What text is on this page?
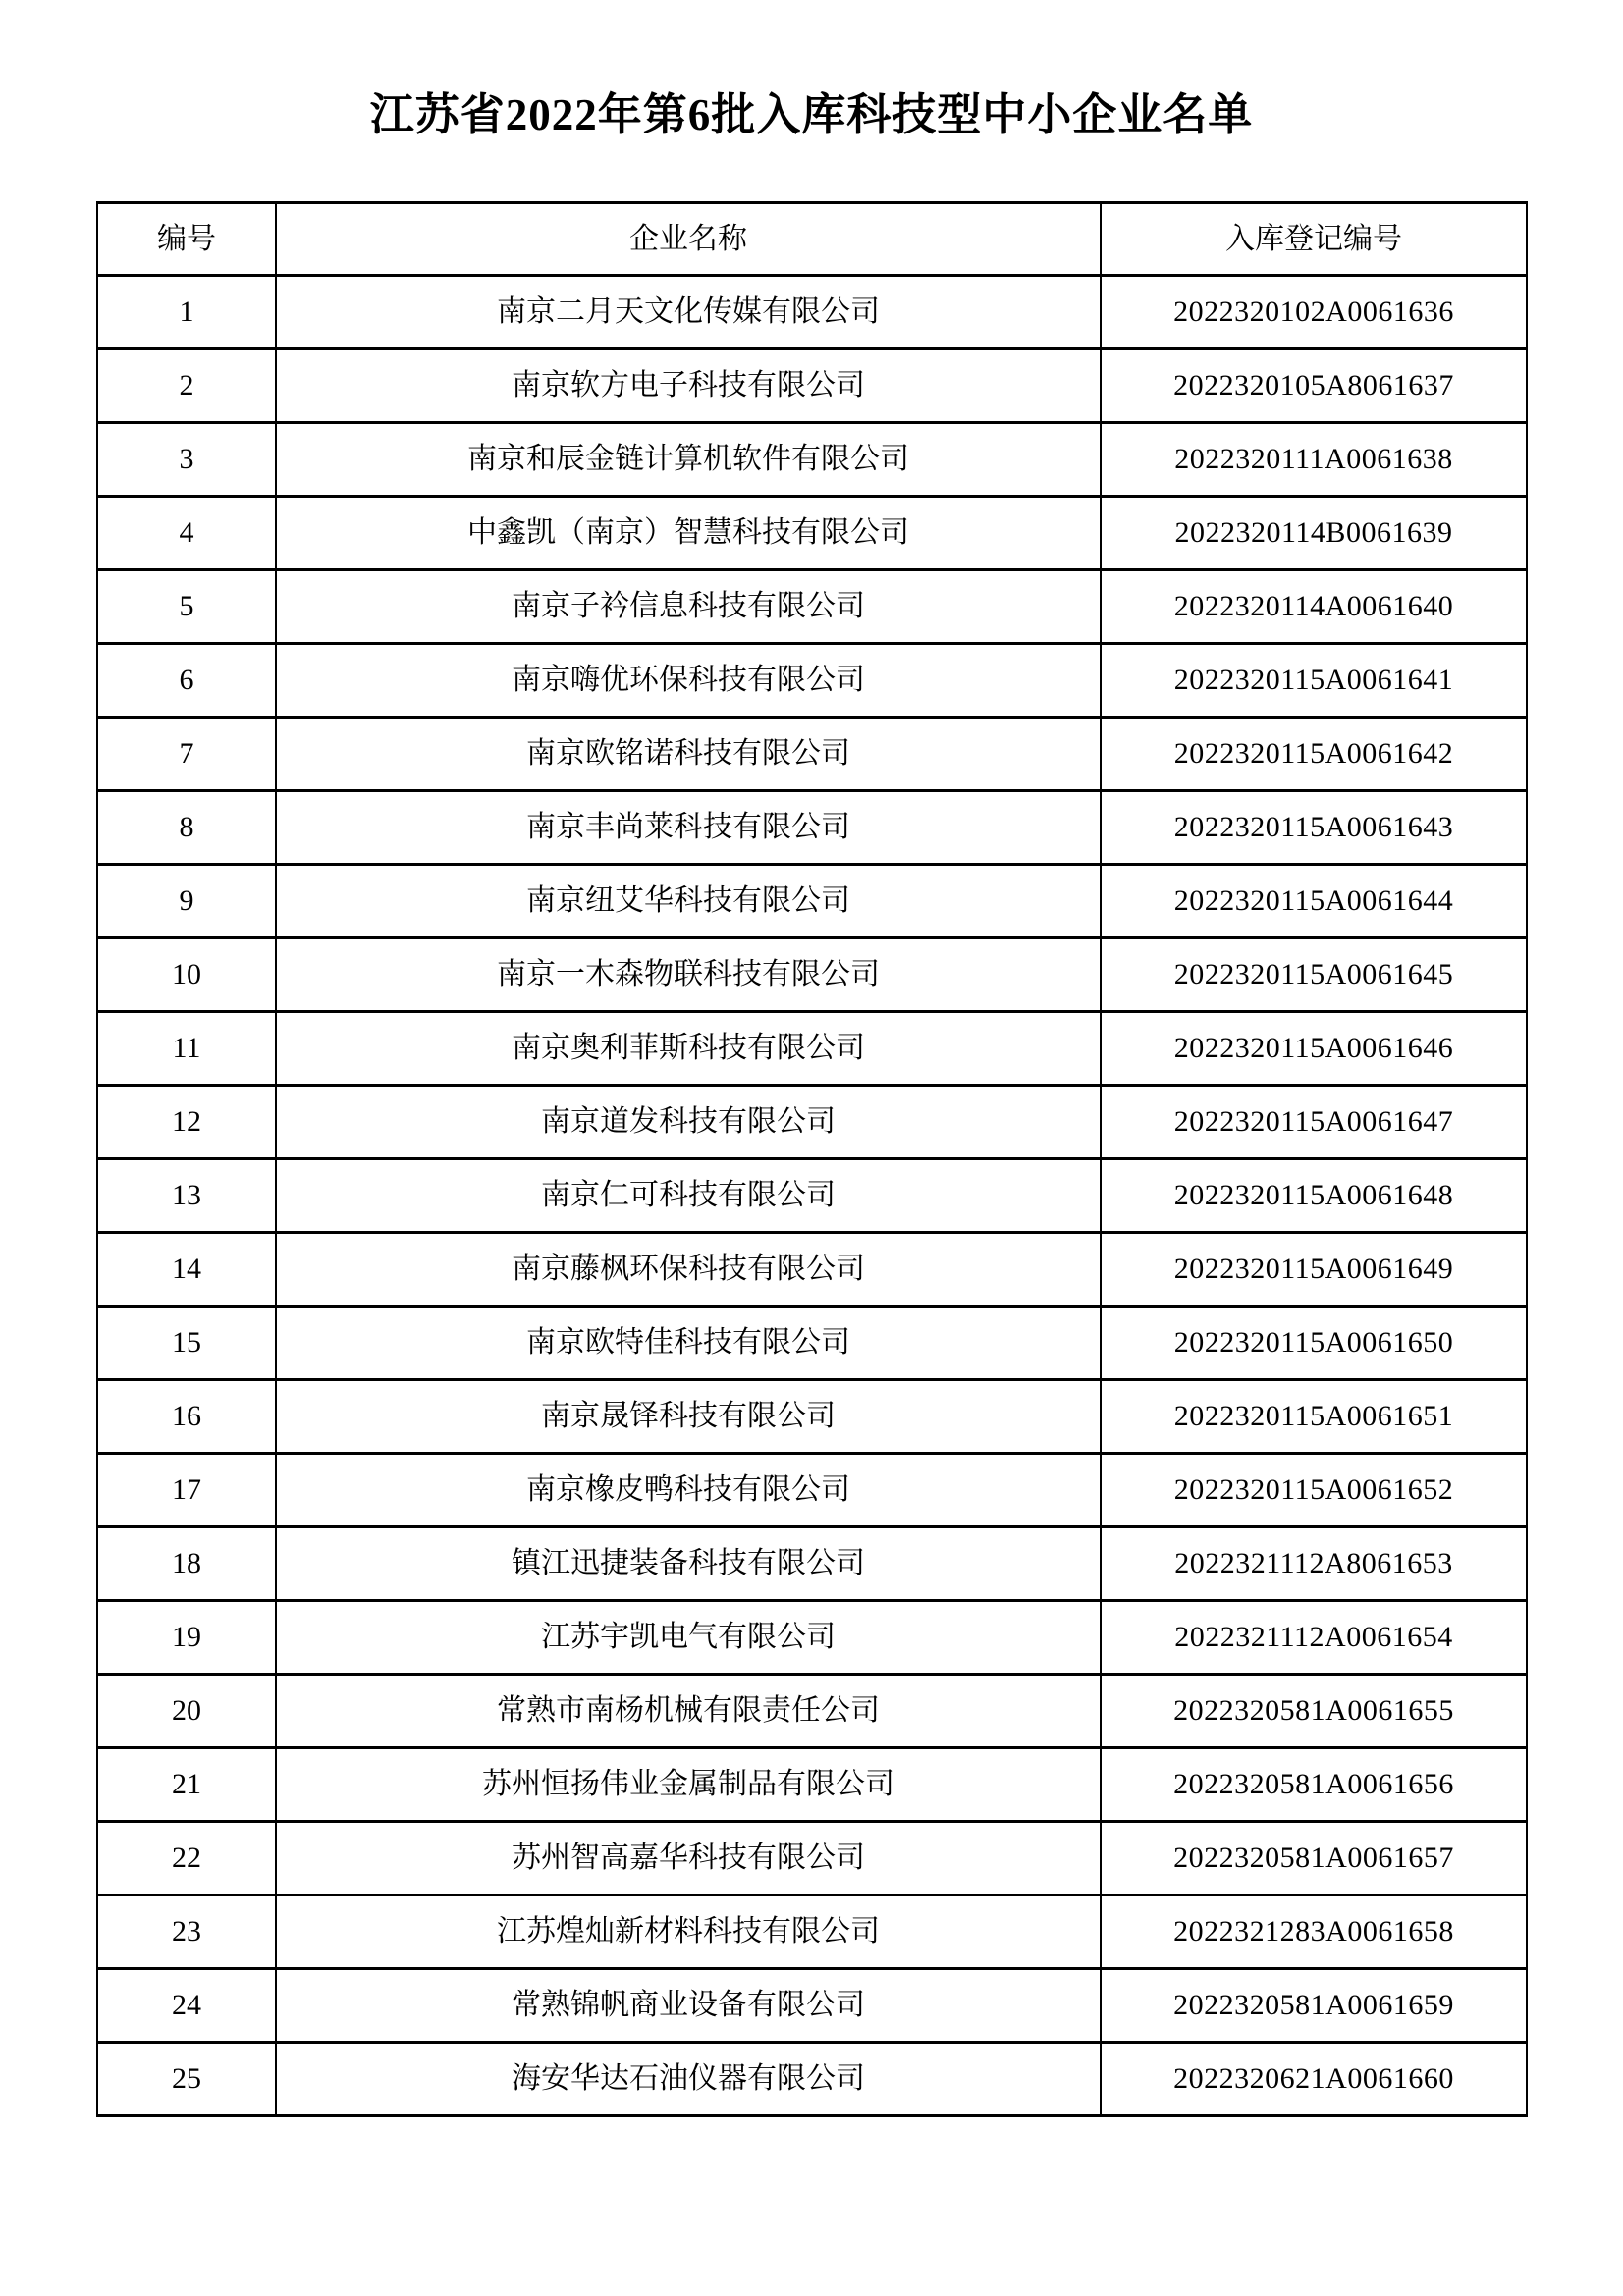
江苏省2022年第6批入库科技型中小企业名单
编号	企业名称	入库登记编号
1	南京二月天文化传媒有限公司	2022320102A0061636
2	南京软方电子科技有限公司	2022320105A8061637
3	南京和辰金链计算机软件有限公司	2022320111A0061638
4	中鑫凯（南京）智慧科技有限公司	2022320114B0061639
5	南京子衿信息科技有限公司	2022320114A0061640
6	南京嗨优环保科技有限公司	2022320115A0061641
7	南京欧铭诺科技有限公司	2022320115A0061642
8	南京丰尚莱科技有限公司	2022320115A0061643
9	南京纽艾华科技有限公司	2022320115A0061644
10	南京一木森物联科技有限公司	2022320115A0061645
11	南京奥利菲斯科技有限公司	2022320115A0061646
12	南京道发科技有限公司	2022320115A0061647
13	南京仁可科技有限公司	2022320115A0061648
14	南京藤枫环保科技有限公司	2022320115A0061649
15	南京欧特佳科技有限公司	2022320115A0061650
16	南京晟铎科技有限公司	2022320115A0061651
17	南京橡皮鸭科技有限公司	2022320115A0061652
18	镇江迅捷装备科技有限公司	2022321112A8061653
19	江苏宇凯电气有限公司	2022321112A0061654
20	常熟市南杨机械有限责任公司	2022320581A0061655
21	苏州恒扬伟业金属制品有限公司	2022320581A0061656
22	苏州智高嘉华科技有限公司	2022320581A0061657
23	江苏煌灿新材料科技有限公司	2022321283A0061658
24	常熟锦帆商业设备有限公司	2022320581A0061659
25	海安华达石油仪器有限公司	2022320621A0061660
